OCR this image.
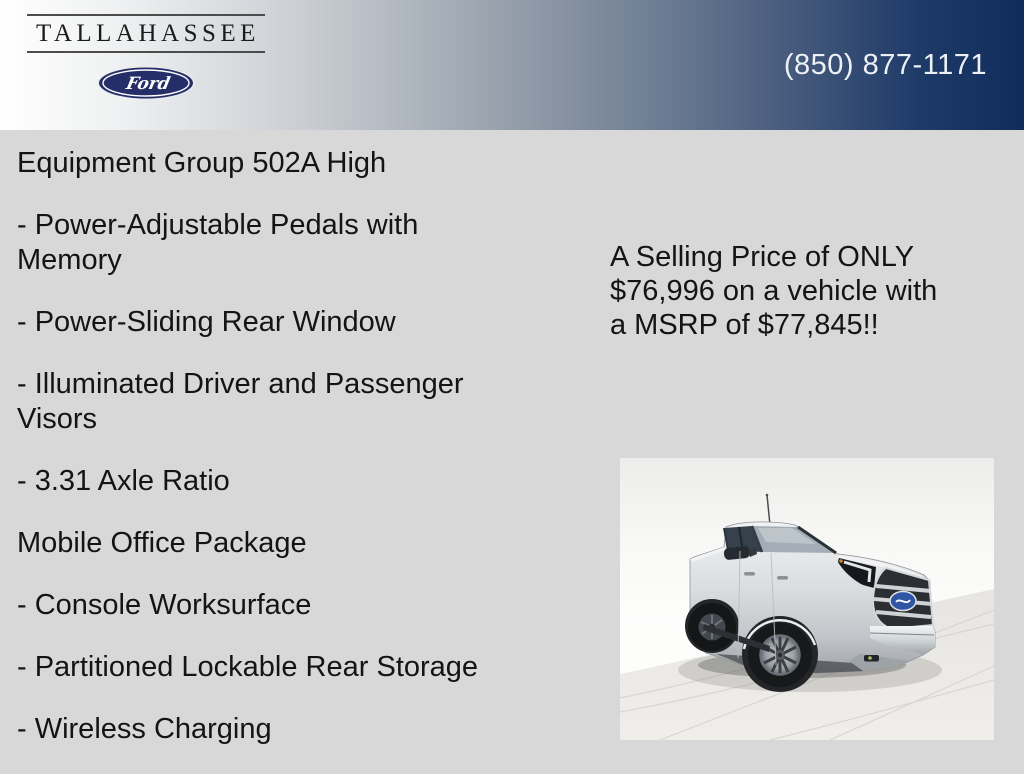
TALLAHASSEE
Ford
(850) 877-1171

Equipment Group 502A High

- Power-Adjustable Pedals with Memory

- Power-Sliding Rear Window

- Illuminated Driver and Passenger Visors

- 3.31 Axle Ratio

Mobile Office Package

- Console Worksurface

- Partitioned Lockable Rear Storage

- Wireless Charging

A Selling Price of ONLY
$76,996 on a vehicle with
a MSRP of $77,845!!
